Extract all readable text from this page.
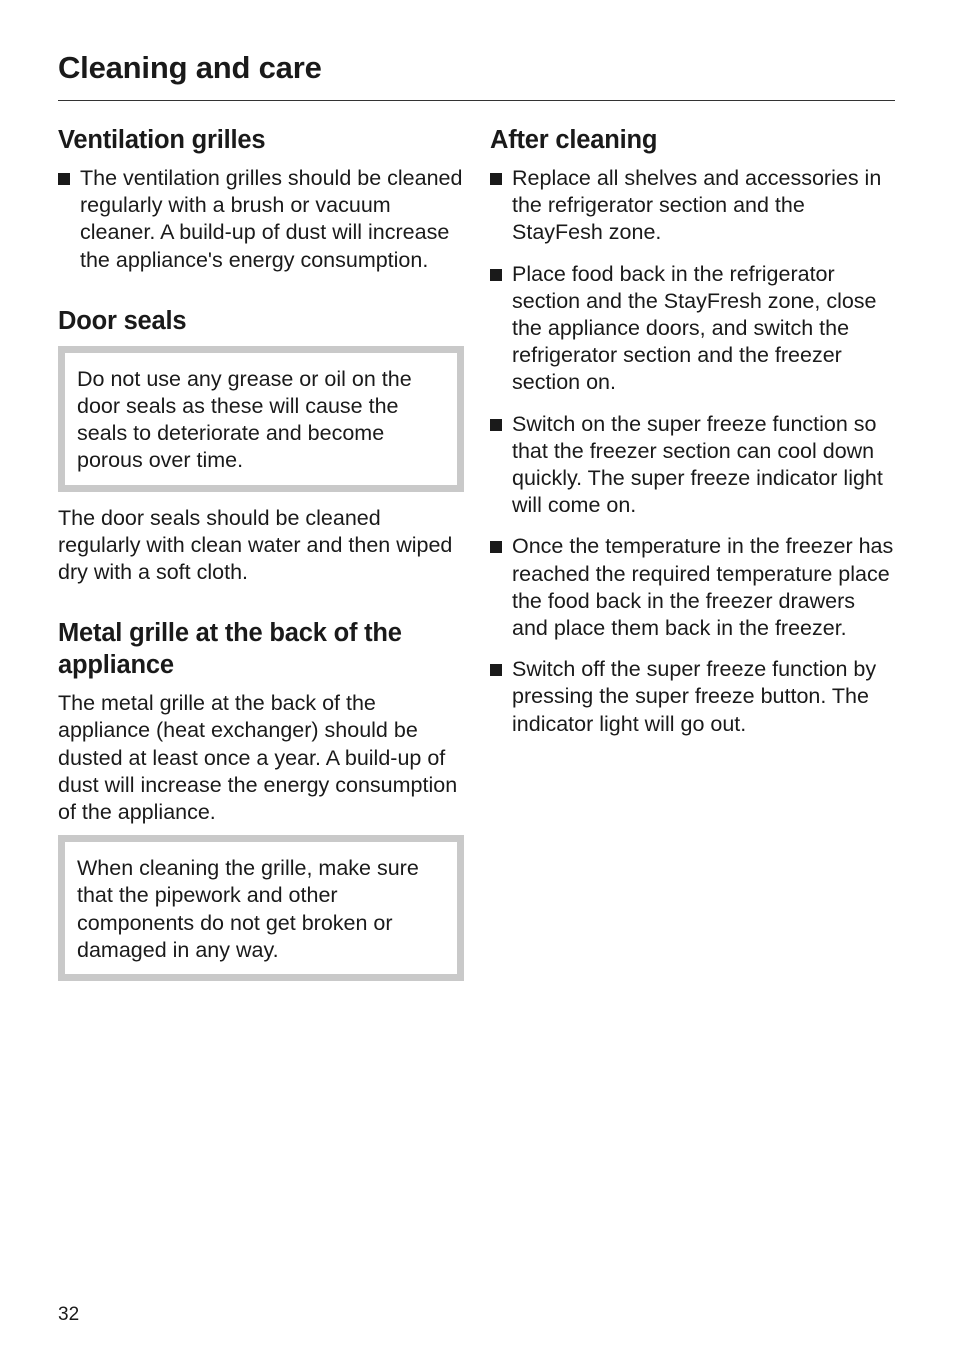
Cleaning and care
Ventilation grilles
The ventilation grilles should be cleaned regularly with a brush or vacuum cleaner. A build-up of dust will increase the appliance's energy consumption.
Door seals

Do not use any grease or oil on the door seals as these will cause the seals to deteriorate and become porous over time.

The door seals should be cleaned regularly with clean water and then wiped dry with a soft cloth.

Metal grille at the back of the appliance

The metal grille at the back of the appliance (heat exchanger) should be dusted at least once a year. A build-up of dust will increase the energy consumption of the appliance.

When cleaning the grille, make sure that the pipework and other components do not get broken or damaged in any way.

After cleaning
Replace all shelves and accessories in the refrigerator section and the StayFesh zone.
Place food back in the refrigerator section and the StayFresh zone, close the appliance doors, and switch the refrigerator section and the freezer section on.
Switch on the super freeze function so that the freezer section can cool down quickly. The super freeze indicator light will come on.
Once the temperature in the freezer has reached the required temperature place the food back in the freezer drawers and place them back in the freezer.
Switch off the super freeze function by pressing the super freeze button. The indicator light will go out.

32
